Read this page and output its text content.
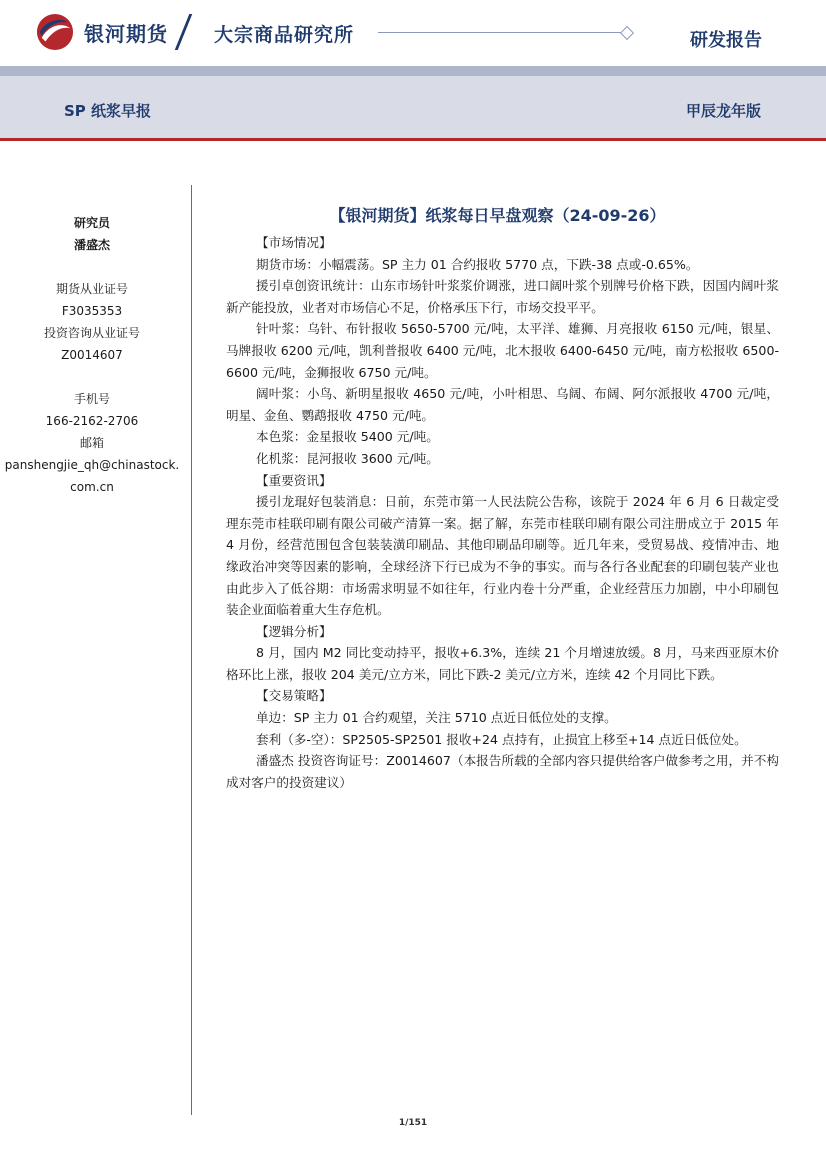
银河期货 大宗商品研究所	研发报告
SP 纸浆早报	甲辰龙年版
研究员
潘盛杰
期货从业证号
F3035353
投资咨询从业证号
Z0014607
手机号
166-2162-2706
邮箱
panshengjie_qh@chinastock.
com.cn
【银河期货】纸浆每日早盘观察（24-09-26）
【市场情况】

期货市场：小幅震荡。SP 主力 01 合约报收 5770 点，下跌-38 点或-0.65%。

援引卓创资讯统计：山东市场针叶浆浆价调涨，进口阔叶浆个别牌号价格下跌，因国内阔叶浆新产能投放，业者对市场信心不足，价格承压下行，市场交投平平。

针叶浆：乌针、布针报收 5650-5700 元/吨，太平洋、雄狮、月亮报收 6150 元/吨，银星、马牌报收 6200 元/吨，凯利普报收 6400 元/吨，北木报收 6400-6450 元/吨，南方松报收 6500-6600 元/吨，金狮报收 6750 元/吨。

阔叶浆：小鸟、新明星报收 4650 元/吨，小叶相思、乌阔、布阔、阿尔派报收 4700 元/吨，明星、金鱼、鹦鹉报收 4750 元/吨。

本色浆：金星报收 5400 元/吨。

化机浆：昆河报收 3600 元/吨。

【重要资讯】

援引龙琨好包装消息：日前，东莞市第一人民法院公告称，该院于 2024 年 6 月 6 日裁定受理东莞市桂联印刷有限公司破产清算一案。据了解，东莞市桂联印刷有限公司注册成立于 2015 年 4 月份，经营范围包含包装装潢印刷品、其他印刷品印刷等。近几年来，受贸易战、疫情冲击、地缘政治冲突等因素的影响，全球经济下行已成为不争的事实。而与各行各业配套的印刷包装产业也由此步入了低谷期：市场需求明显不如往年，行业内卷十分严重，企业经营压力加剧，中小印刷包装企业面临着重大生存危机。

【逻辑分析】

8 月，国内 M2 同比变动持平，报收+6.3%，连续 21 个月增速放缓。8 月，马来西亚原木价格环比上涨，报收 204 美元/立方米，同比下跌-2 美元/立方米，连续 42 个月同比下跌。

【交易策略】

单边：SP 主力 01 合约观望，关注 5710 点近日低位处的支撑。

套利（多-空）：SP2505-SP2501 报收+24 点持有，止损宜上移至+14 点近日低位处。

潘盛杰 投资咨询证号：Z0014607（本报告所载的全部内容只提供给客户做参考之用，并不构成对客户的投资建议）

1/151
